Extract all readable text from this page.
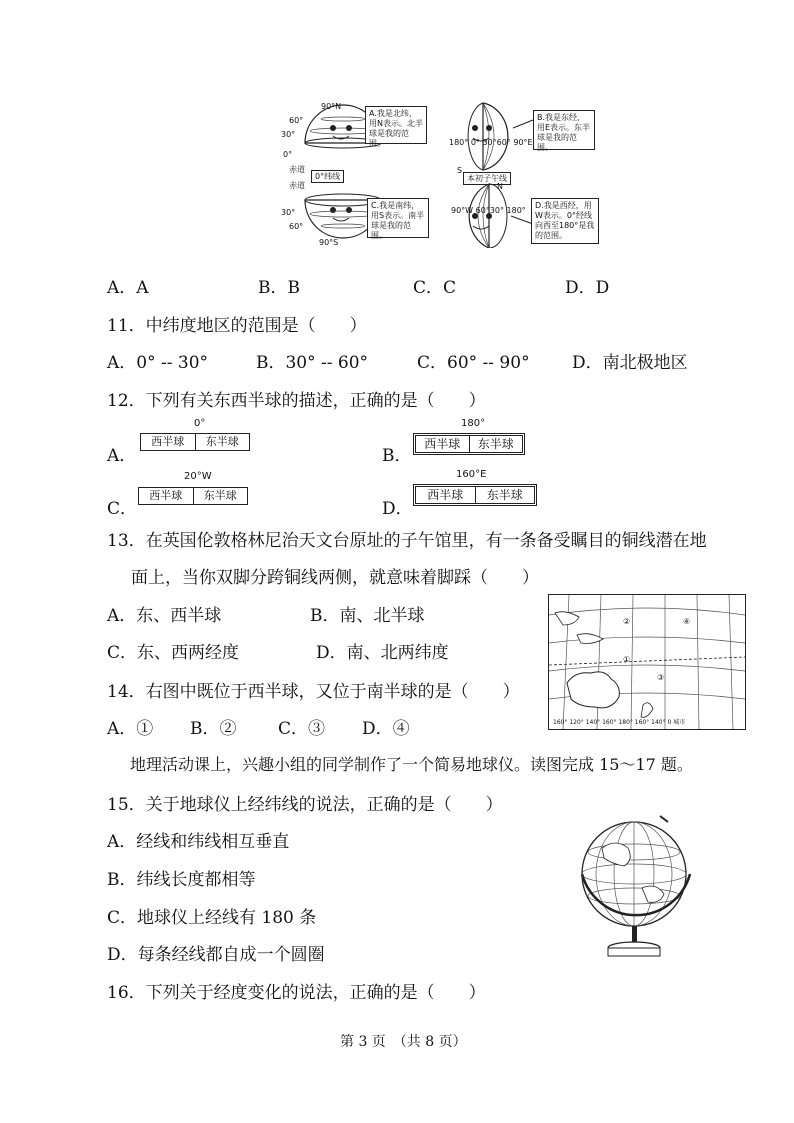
A.我是北纬，用N表示。北半球是我的范围。
B.我是东经，用E表示。东半球是我的范围。
C.我是南纬，用S表示。南半球是我的范围。
D.我是西经，用W表示。0°经线向西至180°是我的范围。
90°N
60°
30°
0°
赤道
0°纬线
赤道
30°
60°
90°S
180° 0° 30°60° 90°E
S
本初子午线
N
90°W 60°30° 180°
A．A	B．B	C．C	D．D
11．中纬度地区的范围是（　　）
A．0° -- 30°	B．30° -- 60°	C．60° -- 90° D．南北极地区
12．下列有关东西半球的描述，正确的是（　　）
A．
0°
西半球	东半球
B．
180°
西半球	东半球
C．
20°W
西半球	东半球
D．
160°E
西半球	东半球
13．在英国伦敦格林尼治天文台原址的子午馆里，有一条备受瞩目的铜线潜在地
面上，当你双脚分跨铜线两侧，就意味着脚踩（　　）
A．东、西半球	B．南、北半球
C．东、西两经度	D．南、北两纬度	①
②
③
④
160° 120° 140° 160° 180° 160° 140° 0 城市
14．右图中既位于西半球，又位于南半球的是（　　）
A．① B．② C．③ D．④
地理活动课上，兴趣小组的同学制作了一个简易地球仪。读图完成 15～17 题。
15．关于地球仪上经纬线的说法，正确的是（　　）
A．经线和纬线相互垂直
B．纬线长度都相等
C．地球仪上经线有 180 条
D．每条经线都自成一个圆圈
16．下列关于经度变化的说法，正确的是（　　）
第 3 页　（共 8 页）
